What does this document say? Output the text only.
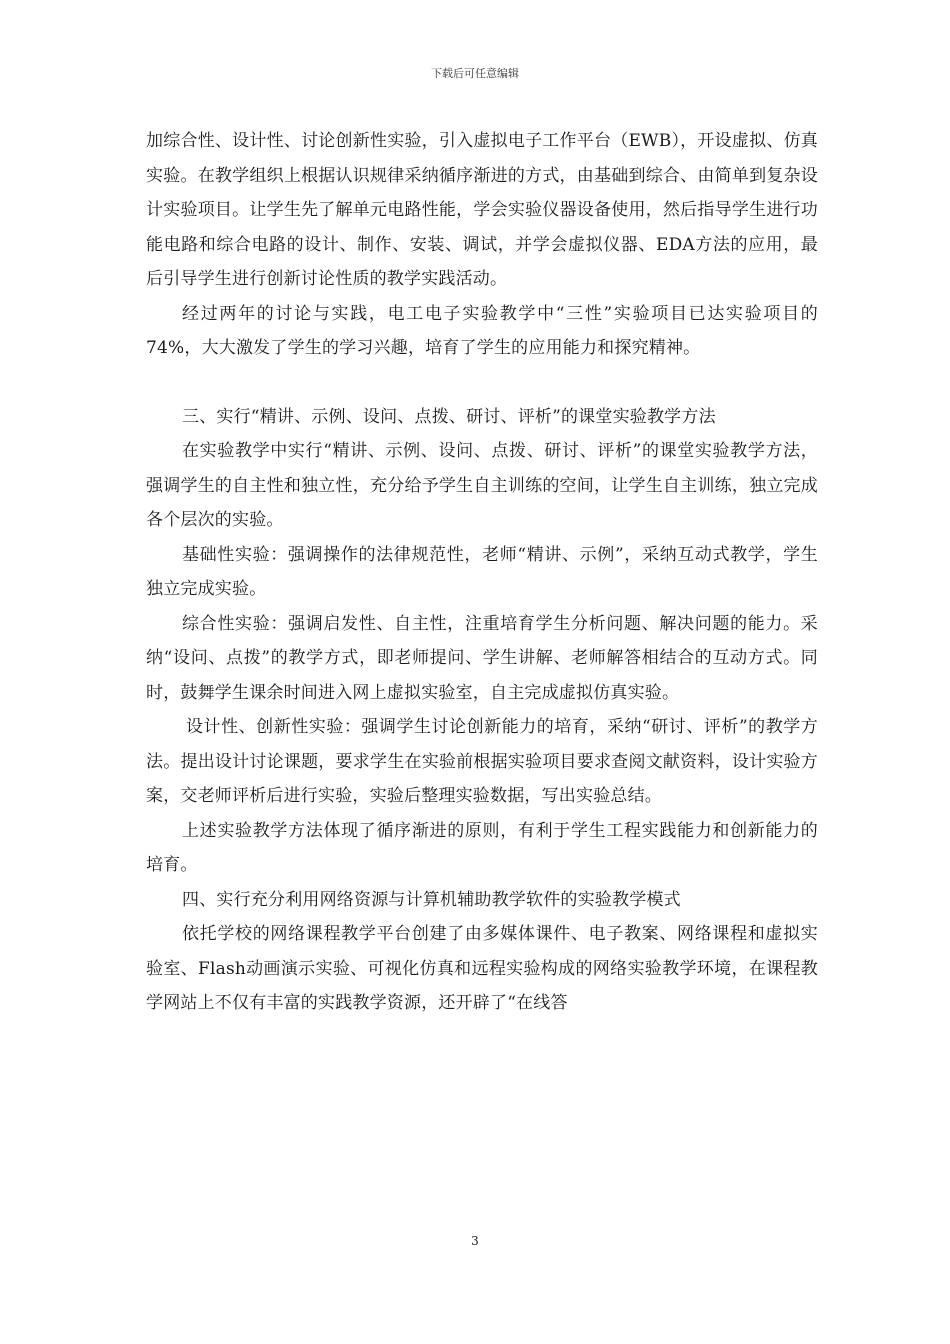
下载后可任意编辑

加综合性、设计性、讨论创新性实验，引入虚拟电子工作平台（EWB），开设虚拟、仿真实验。在教学组织上根据认识规律采纳循序渐进的方式，由基础到综合、由简单到复杂设计实验项目。让学生先了解单元电路性能，学会实验仪器设备使用，然后指导学生进行功能电路和综合电路的设计、制作、安装、调试，并学会虚拟仪器、EDA方法的应用，最后引导学生进行创新讨论性质的教学实践活动。

经过两年的讨论与实践，电工电子实验教学中“三性”实验项目已达实验项目的74%，大大激发了学生的学习兴趣，培育了学生的应用能力和探究精神。

三、实行“精讲、示例、设问、点拨、研讨、评析”的课堂实验教学方法

在实验教学中实行“精讲、示例、设问、点拨、研讨、评析”的课堂实验教学方法，强调学生的自主性和独立性，充分给予学生自主训练的空间，让学生自主训练，独立完成各个层次的实验。

基础性实验：强调操作的法律规范性，老师“精讲、示例”，采纳互动式教学，学生独立完成实验。

综合性实验：强调启发性、自主性，注重培育学生分析问题、解决问题的能力。采纳“设问、点拨”的教学方式，即老师提问、学生讲解、老师解答相结合的互动方式。同时，鼓舞学生课余时间进入网上虚拟实验室，自主完成虚拟仿真实验。

设计性、创新性实验：强调学生讨论创新能力的培育，采纳“研讨、评析”的教学方法。提出设计讨论课题，要求学生在实验前根据实验项目要求查阅文献资料，设计实验方案，交老师评析后进行实验，实验后整理实验数据，写出实验总结。

上述实验教学方法体现了循序渐进的原则，有利于学生工程实践能力和创新能力的培育。

四、实行充分利用网络资源与计算机辅助教学软件的实验教学模式

依托学校的网络课程教学平台创建了由多媒体课件、电子教案、网络课程和虚拟实验室、Flash动画演示实验、可视化仿真和远程实验构成的网络实验教学环境，在课程教学网站上不仅有丰富的实践教学资源，还开辟了“在线答

3
